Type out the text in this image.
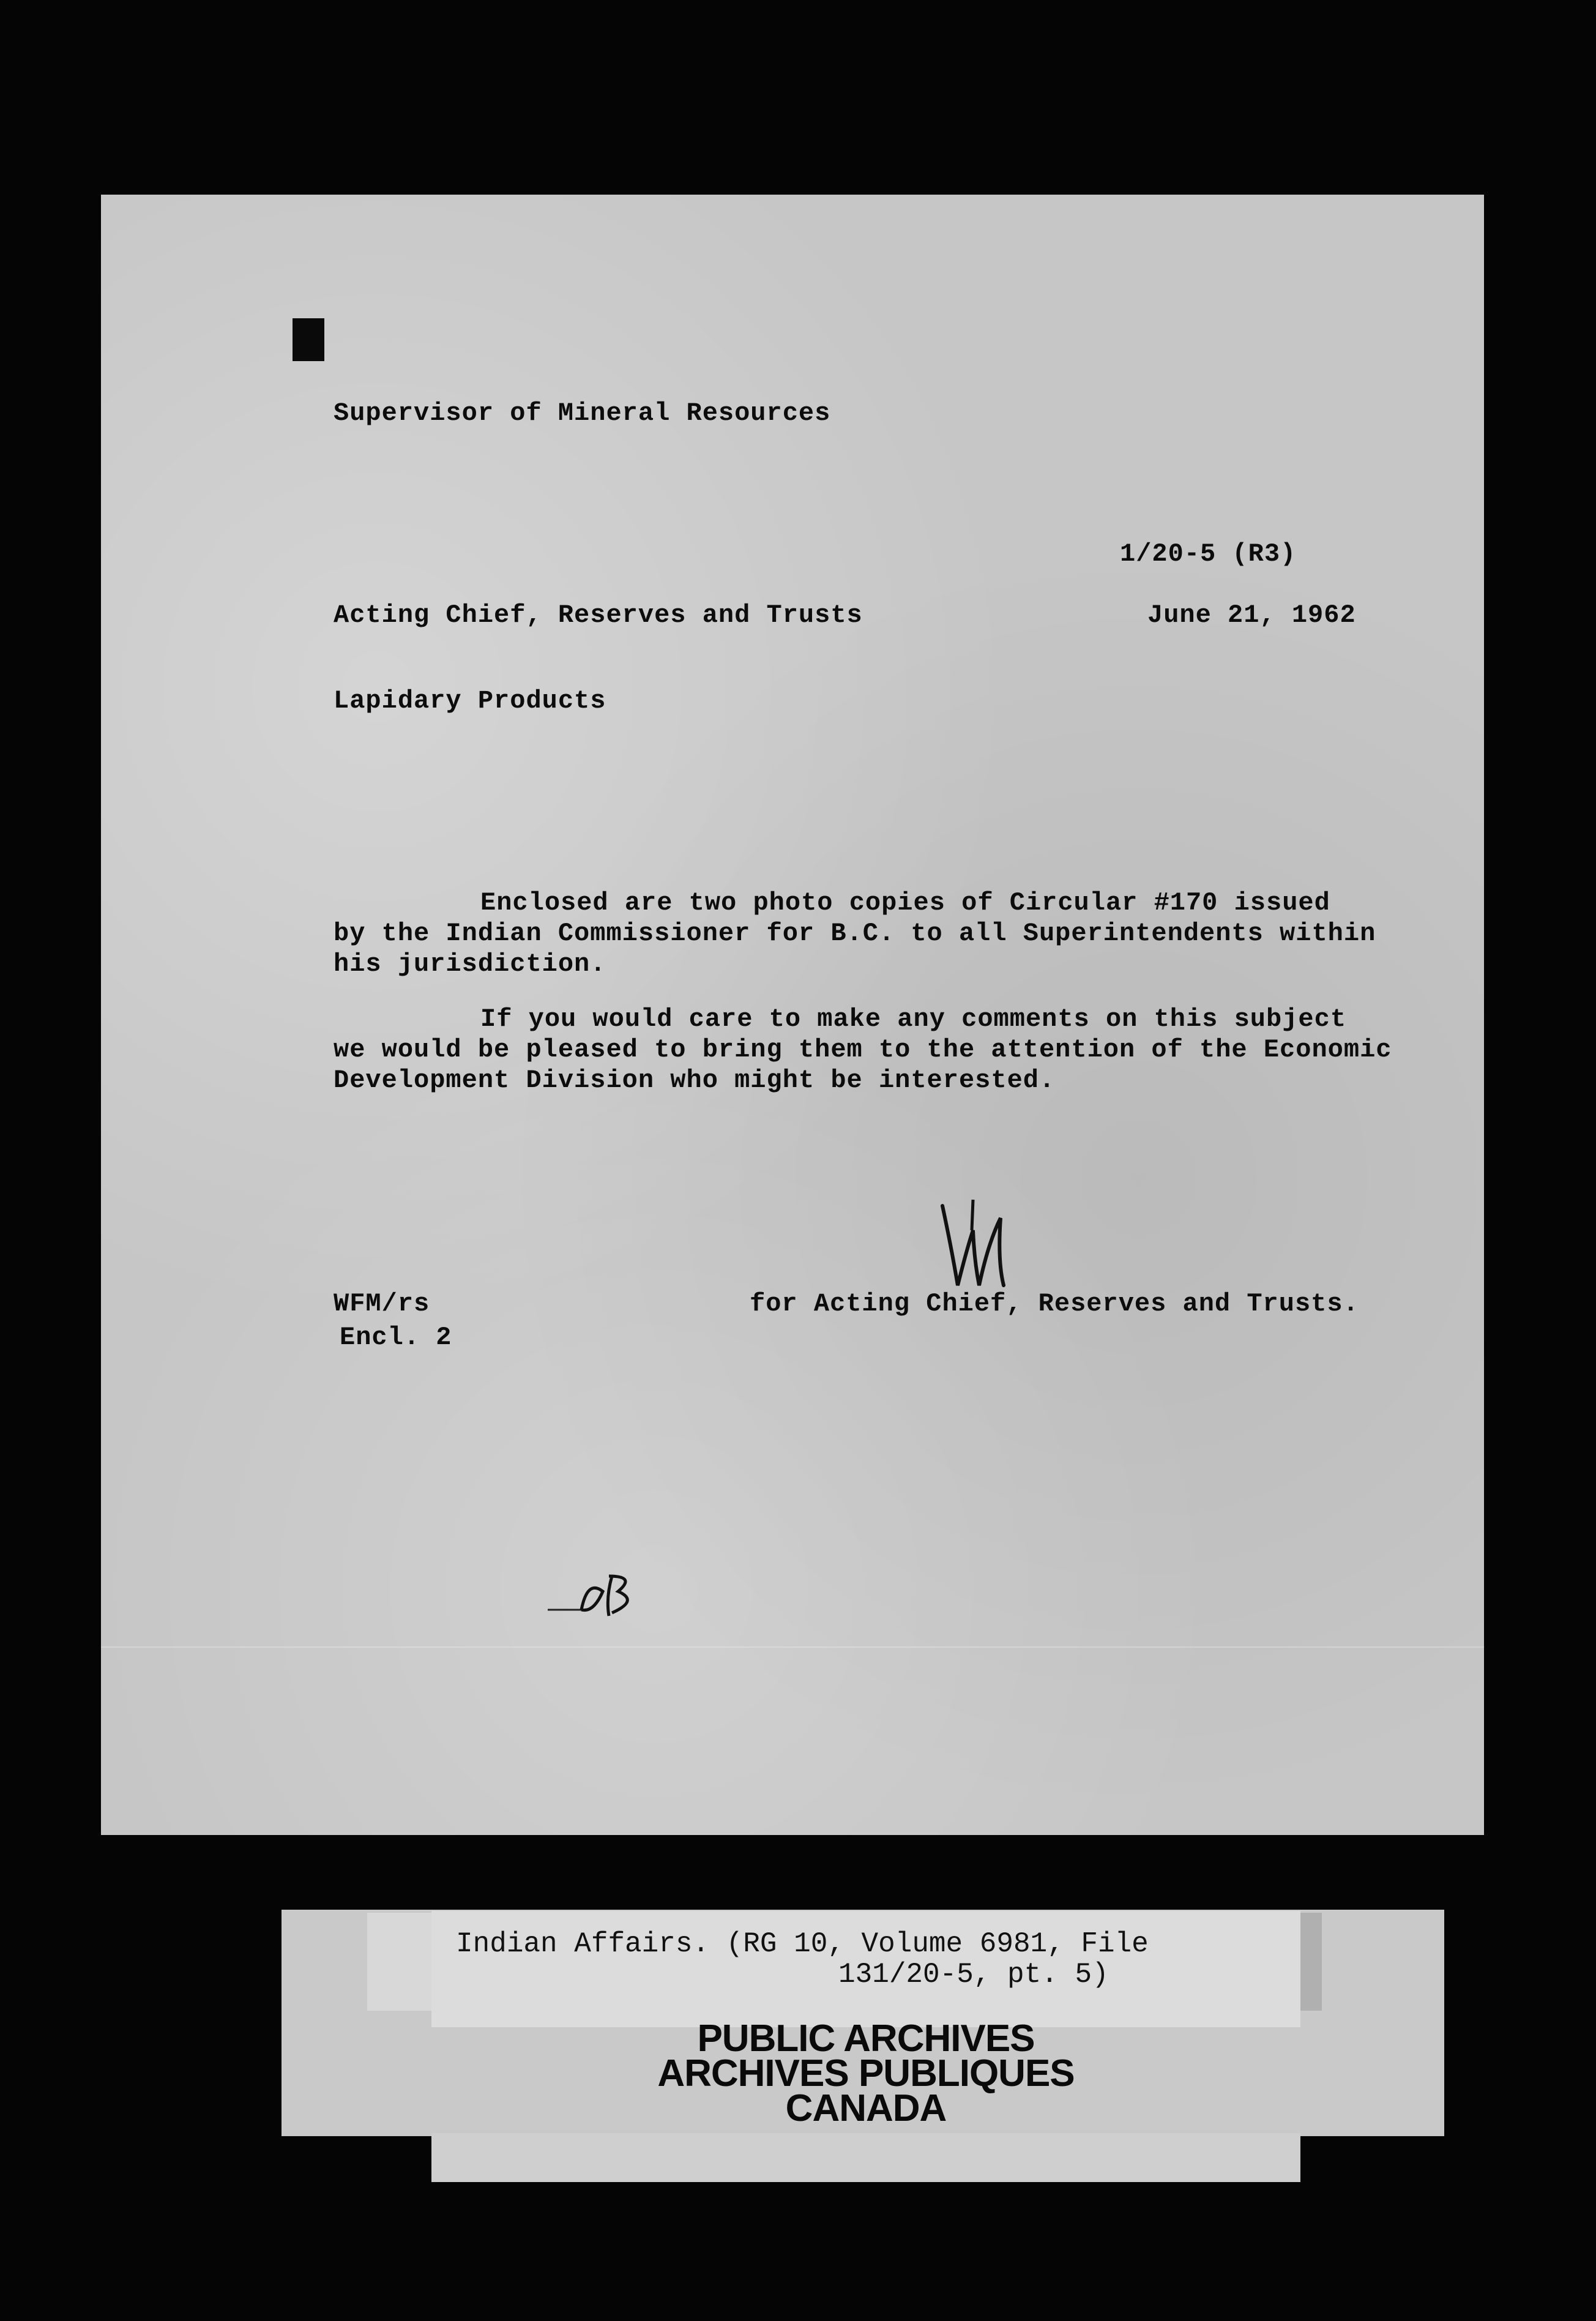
Supervisor of Mineral Resources
1/20-5 (R3)
Acting Chief, Reserves and Trusts	June 21, 1962
Lapidary Products
Enclosed are two photo copies of Circular #170 issued
by the Indian Commissioner for B.C. to all Superintendents within
his jurisdiction.
If you would care to make any comments on this subject
we would be pleased to bring them to the attention of the Economic
Development Division who might be interested.
WFM/rs
Encl. 2
for Acting Chief, Reserves and Trusts.
Indian Affairs. (RG 10, Volume 6981, File
131/20-5, pt. 5)
PUBLIC ARCHIVES
ARCHIVES PUBLIQUES
CANADA
